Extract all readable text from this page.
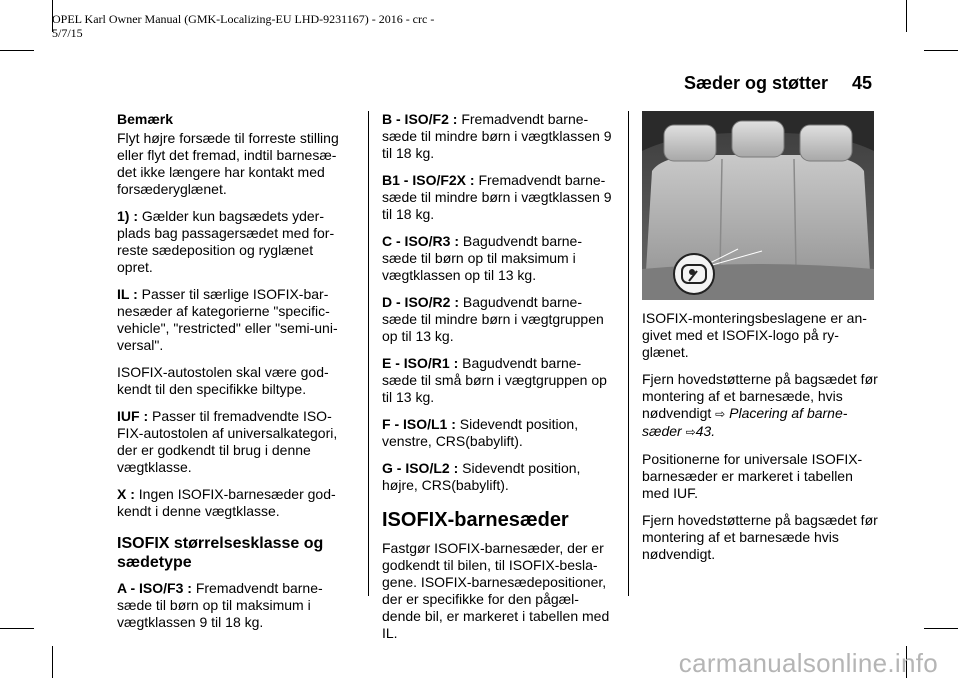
OPEL Karl Owner Manual (GMK-Localizing-EU LHD-9231167) - 2016 - crc -
5/7/15
Sæder og støtter 45
Bemærk
Flyt højre forsæde til forreste stilling eller flyt det fremad, indtil barnesæ-det ikke længere har kontakt med forsæderyglænet.
1) : Gælder kun bagsædets yder-plads bag passagersædet med for-reste sædeposition og ryglænet opret.
IL : Passer til særlige ISOFIX-bar-nesæder af kategorierne "specific-vehicle", "restricted" eller "semi-uni-versal".
ISOFIX-autostolen skal være god-kendt til den specifikke biltype.
IUF : Passer til fremadvendte ISO-FIX-autostolen af universalkategori, der er godkendt til brug i denne vægtklasse.
X : Ingen ISOFIX-barnesæder god-kendt i denne vægtklasse.
ISOFIX størrelsesklasse og sædetype
A - ISO/F3 : Fremadvendt barne-sæde til børn op til maksimum i vægtklassen 9 til 18 kg.
B - ISO/F2 : Fremadvendt barne-sæde til mindre børn i vægtklassen 9 til 18 kg.
B1 - ISO/F2X : Fremadvendt barne-sæde til mindre børn i vægtklassen 9 til 18 kg.
C - ISO/R3 : Bagudvendt barne-sæde til børn op til maksimum i vægtklassen op til 13 kg.
D - ISO/R2 : Bagudvendt barne-sæde til mindre børn i vægtgruppen op til 13 kg.
E - ISO/R1 : Bagudvendt barne-sæde til små børn i vægtgruppen op til 13 kg.
F - ISO/L1 : Sidevendt position, venstre, CRS(babylift).
G - ISO/L2 : Sidevendt position, højre, CRS(babylift).
ISOFIX-barnesæder
Fastgør ISOFIX-barnesæder, der er godkendt til bilen, til ISOFIX-besla-gene. ISOFIX-barnesædepositioner, der er specifikke for den pågæl-dende bil, er markeret i tabellen med IL.
ISOFIX-monteringsbeslagene er an-givet med et ISOFIX-logo på ry-glænet.
Fjern hovedstøtterne på bagsædet før montering af et barnesæde, hvis nødvendigt ⇨ Placering af barne-sæder ⇨43.
Positionerne for universale ISOFIX-barnesæder er markeret i tabellen med IUF.
Fjern hovedstøtterne på bagsædet før montering af et barnesæde hvis nødvendigt.
carmanualsonline.info
